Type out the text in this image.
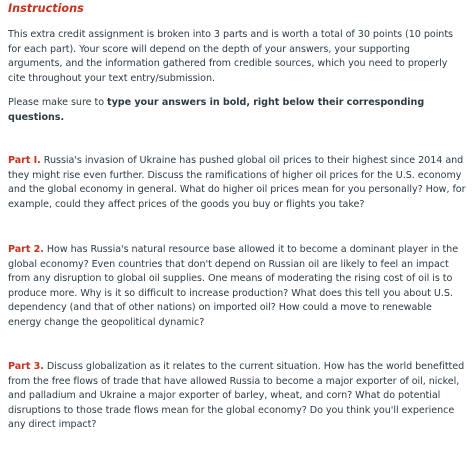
Instructions

This extra credit assignment is broken into 3 parts and is worth a total of 30 points (10 points for each part). Your score will depend on the depth of your answers, your supporting arguments, and the information gathered from credible sources, which you need to properly cite throughout your text entry/submission.

Please make sure to type your answers in bold, right below their corresponding questions.

Part I. Russia's invasion of Ukraine has pushed global oil prices to their highest since 2014 and they might rise even further. Discuss the ramifications of higher oil prices for the U.S. economy and the global economy in general. What do higher oil prices mean for you personally? How, for example, could they affect prices of the goods you buy or flights you take?

Part 2. How has Russia's natural resource base allowed it to become a dominant player in the global economy? Even countries that don't depend on Russian oil are likely to feel an impact from any disruption to global oil supplies. One means of moderating the rising cost of oil is to produce more. Why is it so difficult to increase production? What does this tell you about U.S. dependency (and that of other nations) on imported oil? How could a move to renewable energy change the geopolitical dynamic?

Part 3. Discuss globalization as it relates to the current situation. How has the world benefitted from the free flows of trade that have allowed Russia to become a major exporter of oil, nickel, and palladium and Ukraine a major exporter of barley, wheat, and corn? What do potential disruptions to those trade flows mean for the global economy? Do you think you'll experience any direct impact?
